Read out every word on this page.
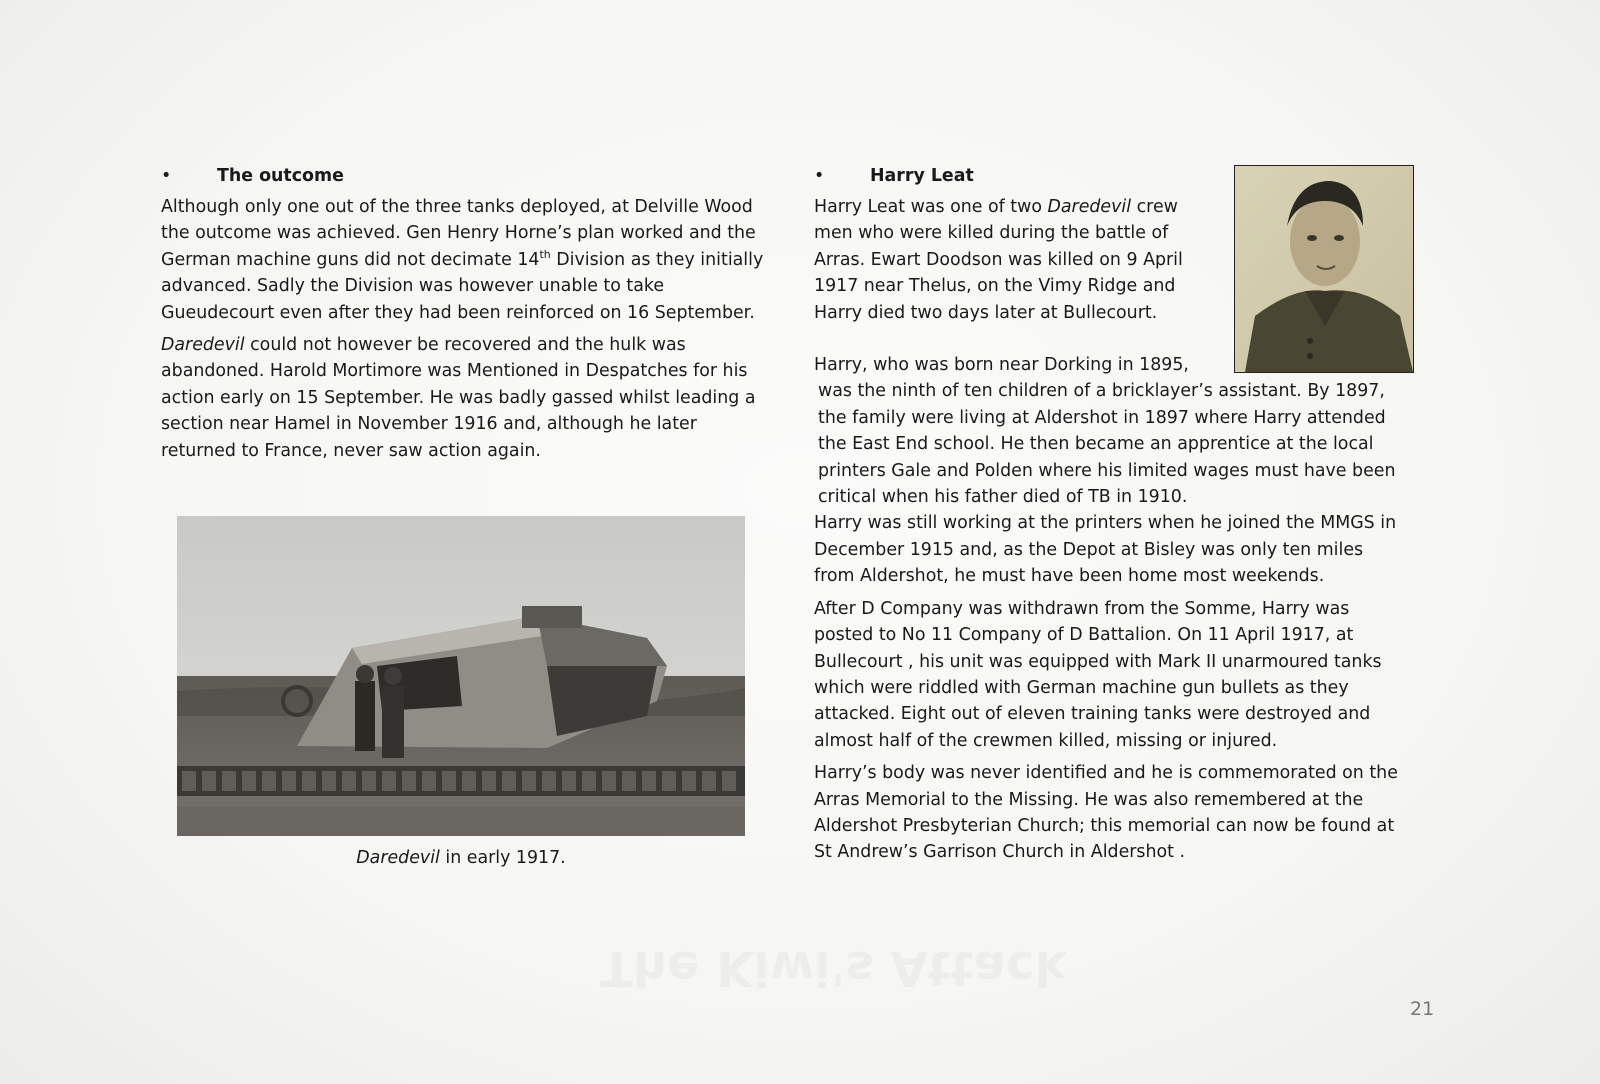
•	The outcome

Although only one out of the three tanks deployed, at Delville Wood the outcome was achieved. Gen Henry Horne’s plan worked and the German machine guns did not decimate 14th Division as they initially advanced. Sadly the Division was however unable to take Gueudecourt even after they had been reinforced on 16 September.

Daredevil could not however be recovered and the hulk was abandoned. Harold Mortimore was Mentioned in Despatches for his action early on 15 September. He was badly gassed whilst leading a section near Hamel in November 1916 and, although he later returned to France, never saw action again.

Daredevil in early 1917.
•	Harry Leat

Harry Leat was one of two Daredevil crew men who were killed during the battle of Arras. Ewart Doodson was killed on 9 April 1917 near Thelus, on the Vimy Ridge and Harry died two days later at Bullecourt.

Harry, who was born near Dorking in 1895,

was the ninth of ten children of a bricklayer’s assistant. By 1897, the family were living at Aldershot in 1897 where Harry attended the East End school. He then became an apprentice at the local printers Gale and Polden where his limited wages must have been critical when his father died of TB in 1910.

Harry was still working at the printers when he joined the MMGS in December 1915 and, as the Depot at Bisley was only ten miles from Aldershot, he must have been home most weekends.

After D Company was withdrawn from the Somme, Harry was posted to No 11 Company of D Battalion. On 11 April 1917, at Bullecourt , his unit was equipped with Mark II unarmoured tanks which were riddled with German machine gun bullets as they attacked. Eight out of eleven training tanks were destroyed and almost half of the crewmen killed, missing or injured.

Harry’s body was never identified and he is commemorated on the Arras Memorial to the Missing. He was also remembered at the Aldershot Presbyterian Church; this memorial can now be found at St Andrew’s Garrison Church in Aldershot .

21
